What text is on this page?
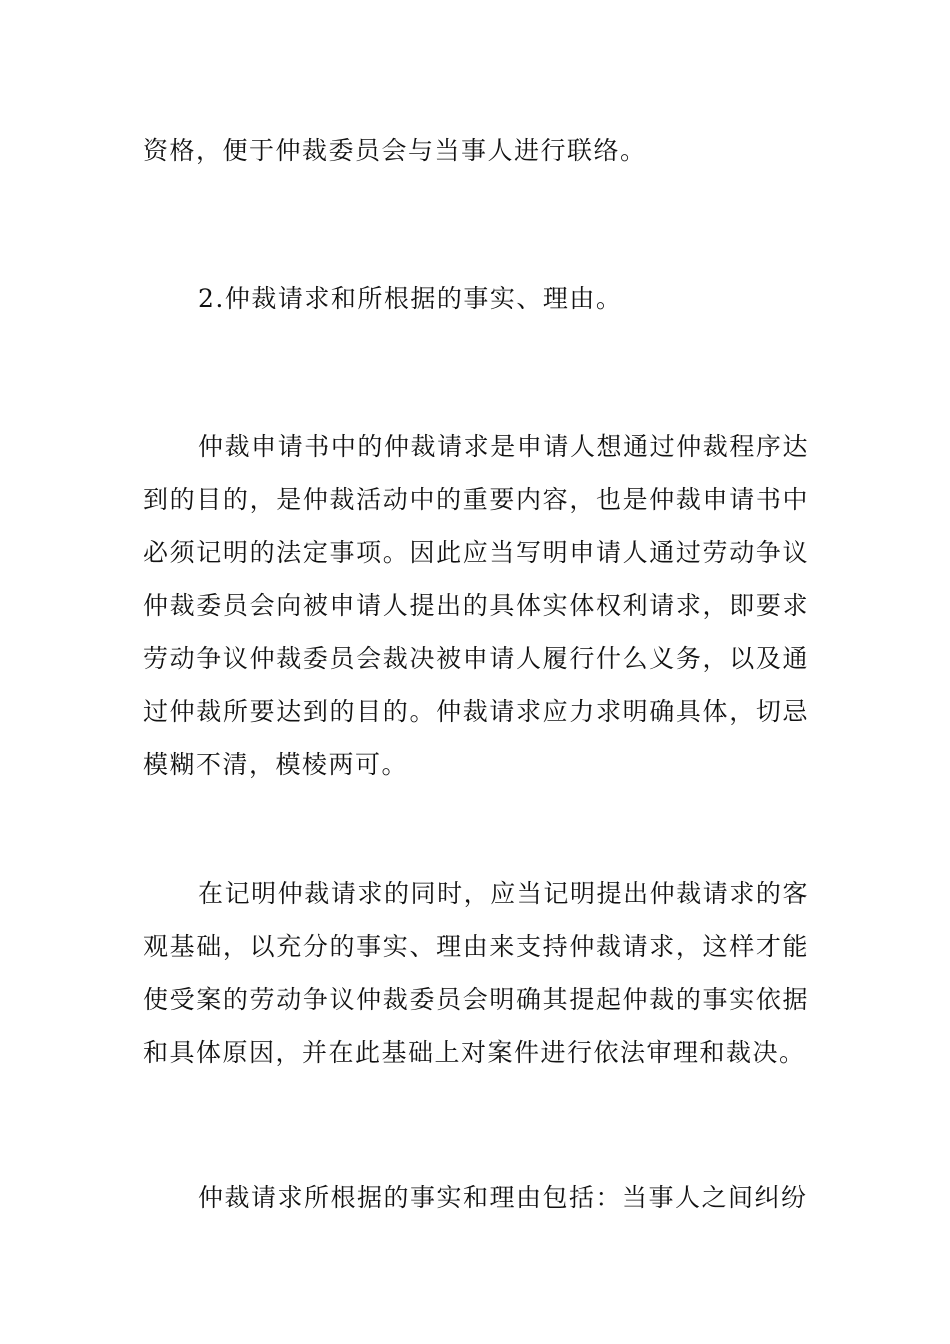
资格，便于仲裁委员会与当事人进行联络。

2.仲裁请求和所根据的事实、理由。

仲裁申请书中的仲裁请求是申请人想通过仲裁程序达到的目的，是仲裁活动中的重要内容，也是仲裁申请书中必须记明的法定事项。因此应当写明申请人通过劳动争议仲裁委员会向被申请人提出的具体实体权利请求，即要求劳动争议仲裁委员会裁决被申请人履行什么义务，以及通过仲裁所要达到的目的。仲裁请求应力求明确具体，切忌模糊不清，模棱两可。

在记明仲裁请求的同时，应当记明提出仲裁请求的客观基础，以充分的事实、理由来支持仲裁请求，这样才能使受案的劳动争议仲裁委员会明确其提起仲裁的事实依据和具体原因，并在此基础上对案件进行依法审理和裁决。

仲裁请求所根据的事实和理由包括：当事人之间纠纷
